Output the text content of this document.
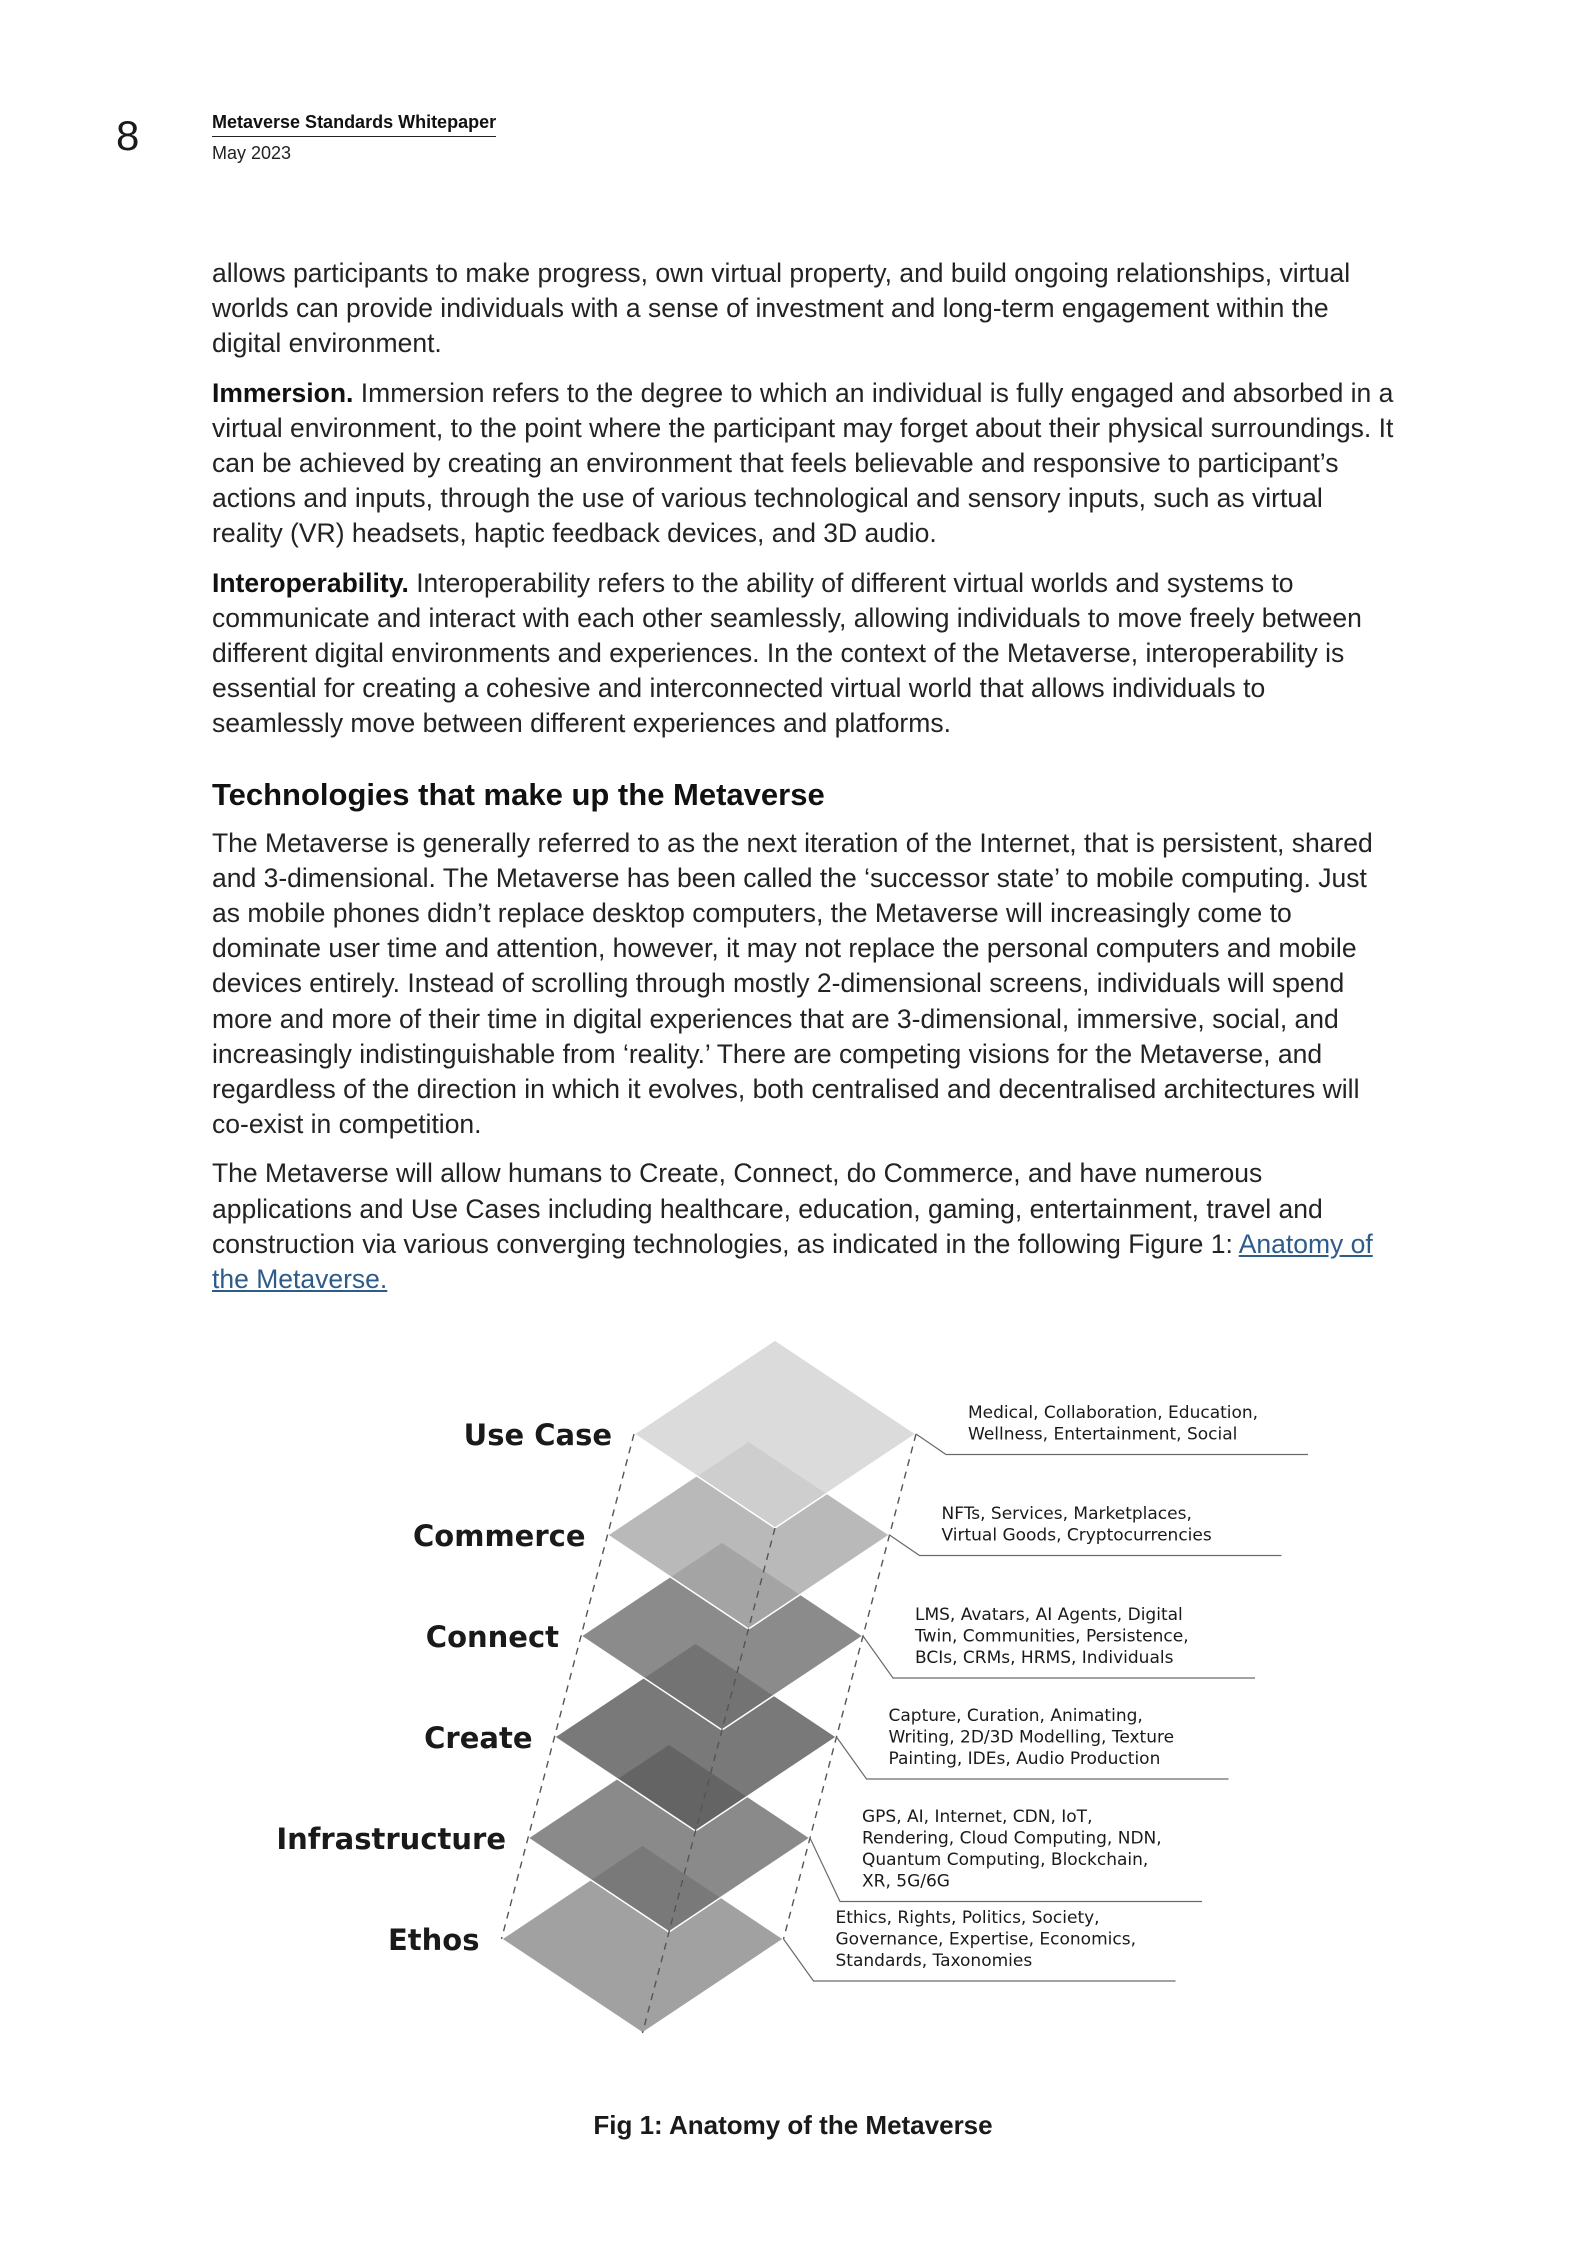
8	Metaverse Standards Whitepaper
May 2023

allows participants to make progress, own virtual property, and build ongoing relationships, virtual worlds can provide individuals with a sense of investment and long-term engagement within the digital environment.

Immersion. Immersion refers to the degree to which an individual is fully engaged and absorbed in a virtual environment, to the point where the participant may forget about their physical surroundings. It can be achieved by creating an environment that feels believable and responsive to participant’s actions and inputs, through the use of various technological and sensory inputs, such as virtual reality (VR) headsets, haptic feedback devices, and 3D audio.

Interoperability. Interoperability refers to the ability of different virtual worlds and systems to communicate and interact with each other seamlessly, allowing individuals to move freely between different digital environments and experiences. In the context of the Metaverse, interoperability is essential for creating a cohesive and interconnected virtual world that allows individuals to seamlessly move between different experiences and platforms.

Technologies that make up the Metaverse

The Metaverse is generally referred to as the next iteration of the Internet, that is persistent, shared and 3-dimensional. The Metaverse has been called the ‘successor state’ to mobile computing. Just as mobile phones didn’t replace desktop computers, the Metaverse will increasingly come to dominate user time and attention, however, it may not replace the personal computers and mobile devices entirely. Instead of scrolling through mostly 2-dimensional screens, individuals will spend more and more of their time in digital experiences that are 3-dimensional, immersive, social, and increasingly indistinguishable from ‘reality.’ There are competing visions for the Metaverse, and regardless of the direction in which it evolves, both centralised and decentralised architectures will co-exist in competition.

The Metaverse will allow humans to Create, Connect, do Commerce, and have numerous applications and Use Cases including healthcare, education, gaming, entertainment, travel and construction via various converging technologies, as indicated in the following Figure 1: Anatomy of the Metaverse.

Use Case
Medical, Collaboration, Education,
Wellness, Entertainment, Social
Commerce
NFTs, Services, Marketplaces,
Virtual Goods, Cryptocurrencies
Connect
LMS, Avatars, AI Agents, Digital
Twin, Communities, Persistence,
BCIs, CRMs, HRMS, Individuals
Create
Capture, Curation, Animating,
Writing, 2D/3D Modelling, Texture
Painting, IDEs, Audio Production
Infrastructure
GPS, AI, Internet, CDN, IoT,
Rendering, Cloud Computing, NDN,
Quantum Computing, Blockchain,
XR, 5G/6G
Ethos
Ethics, Rights, Politics, Society,
Governance, Expertise, Economics,
Standards, Taxonomies
Fig 1: Anatomy of the Metaverse
